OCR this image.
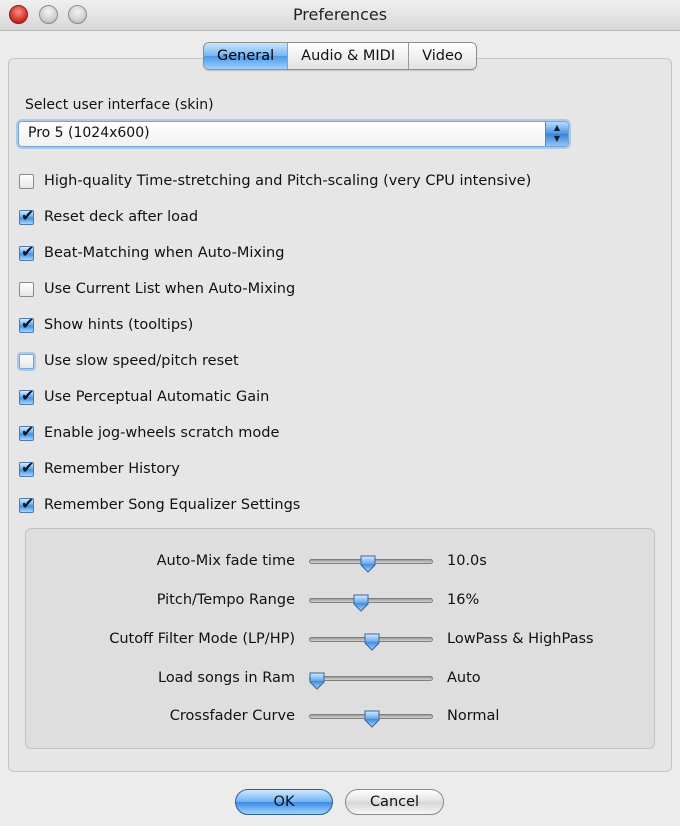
Preferences
General	Audio & MIDI	Video
Select user interface (skin)
Pro 5 (1024x600)	▲
▼
High-quality Time-stretching and Pitch-scaling (very CPU intensive)
✔ Reset deck after load
✔ Beat-Matching when Auto-Mixing
Use Current List when Auto-Mixing
✔ Show hints (tooltips)
Use slow speed/pitch reset
✔ Use Perceptual Automatic Gain
✔ Enable jog-wheels scratch mode
✔ Remember History
✔ Remember Song Equalizer Settings
Auto-Mix fade time	10.0s
Pitch/Tempo Range	16%
Cutoff Filter Mode (LP/HP)	LowPass & HighPass
Load songs in Ram	Auto
Crossfader Curve	Normal
OK	Cancel
